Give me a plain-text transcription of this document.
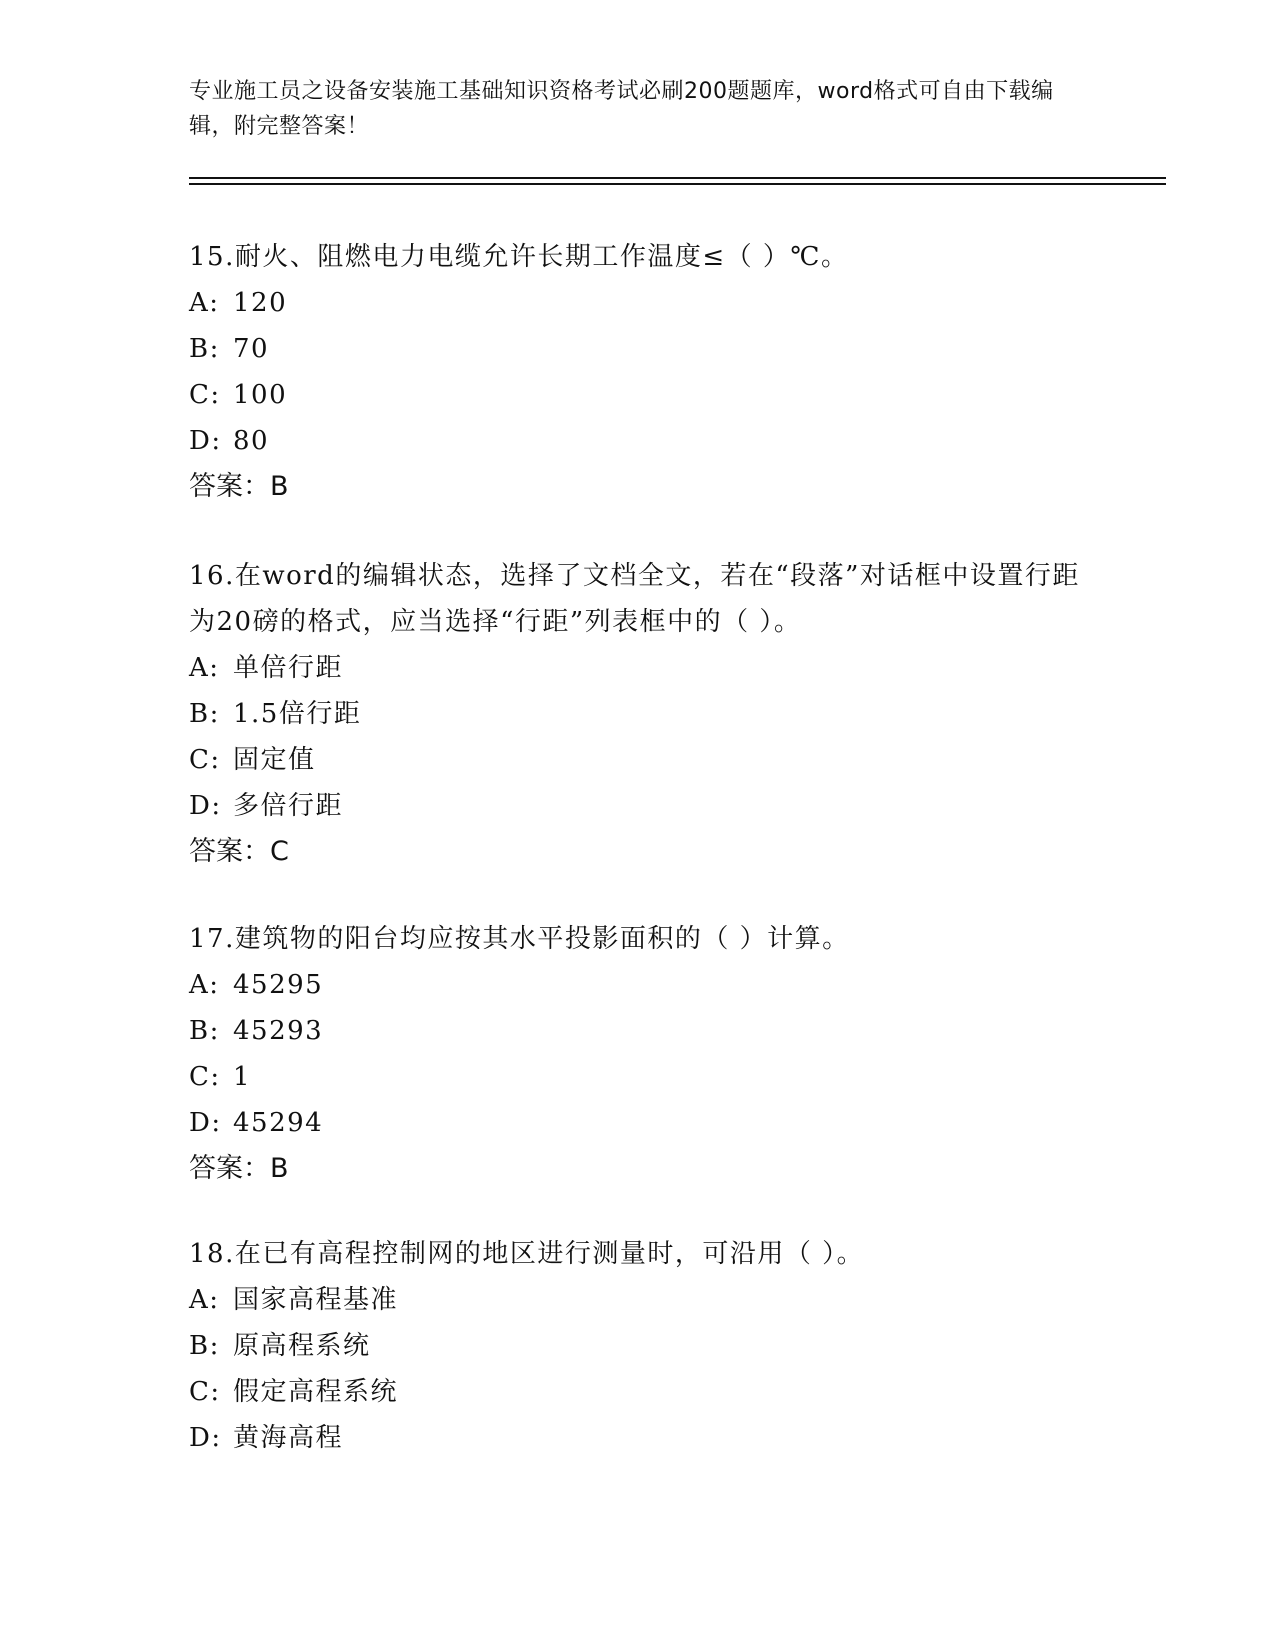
专业施工员之设备安装施工基础知识资格考试必刷200题题库，word格式可自由下载编辑，附完整答案！
15.耐火、阻燃电力电缆允许长期工作温度≤（ ）℃。
A: 120
B: 70
C: 100
D: 80
答案：B
16.在word的编辑状态，选择了文档全文，若在“段落”对话框中设置行距为20磅的格式，应当选择“行距”列表框中的（ ）。
A: 单倍行距
B: 1.5倍行距
C: 固定值
D: 多倍行距
答案：C
17.建筑物的阳台均应按其水平投影面积的（ ）计算。
A: 45295
B: 45293
C: 1
D: 45294
答案：B
18.在已有高程控制网的地区进行测量时，可沿用（ ）。
A: 国家高程基准
B: 原高程系统
C: 假定高程系统
D: 黄海高程
